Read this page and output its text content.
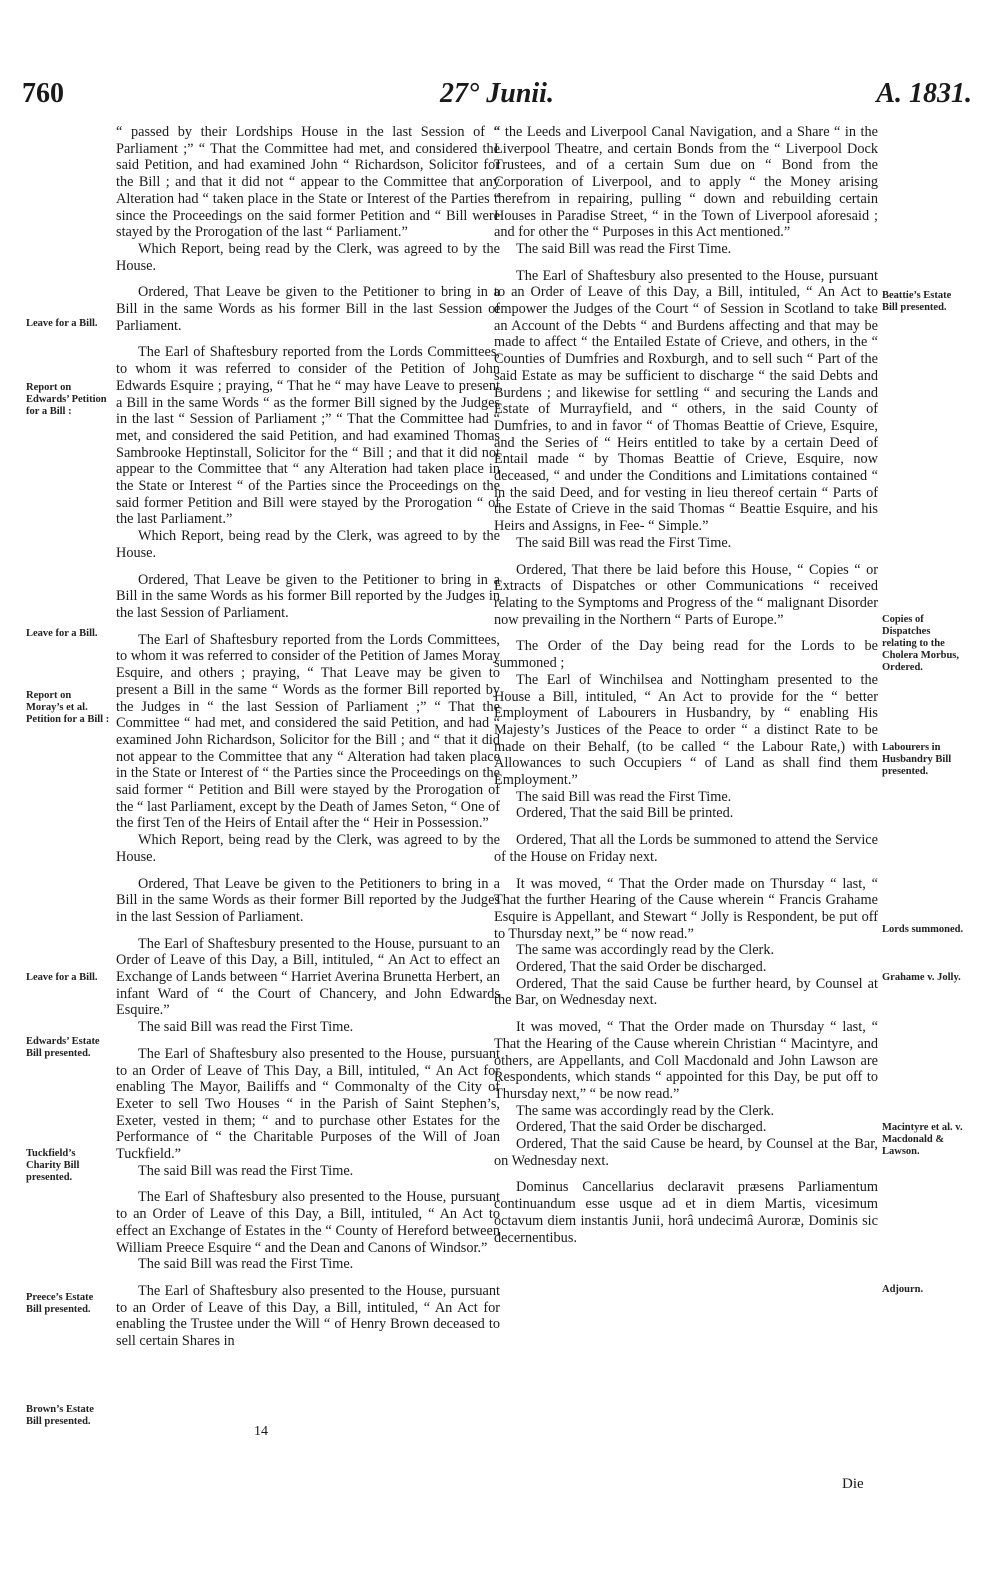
760	27° Junii.	A. 1831.

“ passed by their Lordships House in the last Session of “ Parliament ;” “ That the Committee had met, and considered the said Petition, and had examined John “ Richardson, Solicitor for the Bill ; and that it did not “ appear to the Committee that any Alteration had “ taken place in the State or Interest of the Parties “ since the Proceedings on the said former Petition and “ Bill were stayed by the Prorogation of the last “ Parliament.”

Which Report, being read by the Clerk, was agreed to by the House.

Ordered, That Leave be given to the Petitioner to bring in a Bill in the same Words as his former Bill in the last Session of Parliament.

The Earl of Shaftesbury reported from the Lords Committees, to whom it was referred to consider of the Petition of John Edwards Esquire ; praying, “ That he “ may have Leave to present a Bill in the same Words “ as the former Bill signed by the Judges in the last “ Session of Parliament ;” “ That the Committee had “ met, and considered the said Petition, and had examined Thomas Sambrooke Heptinstall, Solicitor for the “ Bill ; and that it did not appear to the Committee that “ any Alteration had taken place in the State or Interest “ of the Parties since the Proceedings on the said former Petition and Bill were stayed by the Prorogation “ of the last Parliament.”

Which Report, being read by the Clerk, was agreed to by the House.

Ordered, That Leave be given to the Petitioner to bring in a Bill in the same Words as his former Bill reported by the Judges in the last Session of Parliament.

The Earl of Shaftesbury reported from the Lords Committees, to whom it was referred to consider of the Petition of James Moray Esquire, and others ; praying, “ That Leave may be given to present a Bill in the same “ Words as the former Bill reported by the Judges in “ the last Session of Parliament ;” “ That the Committee “ had met, and considered the said Petition, and had “ examined John Richardson, Solicitor for the Bill ; and “ that it did not appear to the Committee that any “ Alteration had taken place in the State or Interest of “ the Parties since the Proceedings on the said former “ Petition and Bill were stayed by the Prorogation of the “ last Parliament, except by the Death of James Seton, “ One of the first Ten of the Heirs of Entail after the “ Heir in Possession.”

Which Report, being read by the Clerk, was agreed to by the House.

Ordered, That Leave be given to the Petitioners to bring in a Bill in the same Words as their former Bill reported by the Judges in the last Session of Parliament.

The Earl of Shaftesbury presented to the House, pursuant to an Order of Leave of this Day, a Bill, intituled, “ An Act to effect an Exchange of Lands between “ Harriet Averina Brunetta Herbert, an infant Ward of “ the Court of Chancery, and John Edwards Esquire.”

The said Bill was read the First Time.

The Earl of Shaftesbury also presented to the House, pursuant to an Order of Leave of This Day, a Bill, intituled, “ An Act for enabling The Mayor, Bailiffs and “ Commonalty of the City of Exeter to sell Two Houses “ in the Parish of Saint Stephen’s, Exeter, vested in them; “ and to purchase other Estates for the Performance of “ the Charitable Purposes of the Will of Joan Tuckfield.”

The said Bill was read the First Time.

The Earl of Shaftesbury also presented to the House, pursuant to an Order of Leave of this Day, a Bill, intituled, “ An Act to effect an Exchange of Estates in the “ County of Hereford between William Preece Esquire “ and the Dean and Canons of Windsor.”

The said Bill was read the First Time.

The Earl of Shaftesbury also presented to the House, pursuant to an Order of Leave of this Day, a Bill, intituled, “ An Act for enabling the Trustee under the Will “ of Henry Brown deceased to sell certain Shares in

“ the Leeds and Liverpool Canal Navigation, and a Share “ in the Liverpool Theatre, and certain Bonds from the “ Liverpool Dock Trustees, and of a certain Sum due on “ Bond from the Corporation of Liverpool, and to apply “ the Money arising therefrom in repairing, pulling “ down and rebuilding certain Houses in Paradise Street, “ in the Town of Liverpool aforesaid ; and for other the “ Purposes in this Act mentioned.”

The said Bill was read the First Time.

The Earl of Shaftesbury also presented to the House, pursuant to an Order of Leave of this Day, a Bill, intituled, “ An Act to empower the Judges of the Court “ of Session in Scotland to take an Account of the Debts “ and Burdens affecting and that may be made to affect “ the Entailed Estate of Crieve, and others, in the “ Counties of Dumfries and Roxburgh, and to sell such “ Part of the said Estate as may be sufficient to discharge “ the said Debts and Burdens ; and likewise for settling “ and securing the Lands and Estate of Murrayfield, and “ others, in the said County of Dumfries, to and in favor “ of Thomas Beattie of Crieve, Esquire, and the Series of “ Heirs entitled to take by a certain Deed of Entail made “ by Thomas Beattie of Crieve, Esquire, now deceased, “ and under the Conditions and Limitations contained “ in the said Deed, and for vesting in lieu thereof certain “ Parts of the Estate of Crieve in the said Thomas “ Beattie Esquire, and his Heirs and Assigns, in Fee- “ Simple.”

The said Bill was read the First Time.

Ordered, That there be laid before this House, “ Copies “ or Extracts of Dispatches or other Communications “ received relating to the Symptoms and Progress of the “ malignant Disorder now prevailing in the Northern “ Parts of Europe.”

The Order of the Day being read for the Lords to be summoned ;

The Earl of Winchilsea and Nottingham presented to the House a Bill, intituled, “ An Act to provide for the “ better Employment of Labourers in Husbandry, by “ enabling His Majesty’s Justices of the Peace to order “ a distinct Rate to be made on their Behalf, (to be called “ the Labour Rate,) with Allowances to such Occupiers “ of Land as shall find them Employment.”

The said Bill was read the First Time.

Ordered, That the said Bill be printed.

Ordered, That all the Lords be summoned to attend the Service of the House on Friday next.

It was moved, “ That the Order made on Thursday “ last, “ That the further Hearing of the Cause wherein “ Francis Grahame Esquire is Appellant, and Stewart “ Jolly is Respondent, be put off to Thursday next,” be “ now read.”

The same was accordingly read by the Clerk.

Ordered, That the said Order be discharged.

Ordered, That the said Cause be further heard, by Counsel at the Bar, on Wednesday next.

It was moved, “ That the Order made on Thursday “ last, “ That the Hearing of the Cause wherein Christian “ Macintyre, and others, are Appellants, and Coll Macdonald and John Lawson are Respondents, which stands “ appointed for this Day, be put off to Thursday next,” “ be now read.”

The same was accordingly read by the Clerk.

Ordered, That the said Order be discharged.

Ordered, That the said Cause be heard, by Counsel at the Bar, on Wednesday next.

Dominus Cancellarius declaravit præsens Parliamentum continuandum esse usque ad et in diem Martis, vicesimum octavum diem instantis Junii, horâ undecimâ Auroræ, Dominis sic decernentibus.

Leave for a Bill.
Report on Edwards’ Petition for a Bill :
Leave for a Bill.
Report on Moray’s et al. Petition for a Bill :
Leave for a Bill.
Edwards’ Estate Bill presented.
Tuckfield’s Charity Bill presented.
Preece’s Estate Bill presented.
Brown’s Estate Bill presented.
Beattie’s Estate Bill presented.
Copies of Dispatches relating to the Cholera Morbus, Ordered.
Labourers in Husbandry Bill presented.
Lords summoned.
Grahame v. Jolly.
Macintyre et al. v. Macdonald & Lawson.
Adjourn.
14
Die
